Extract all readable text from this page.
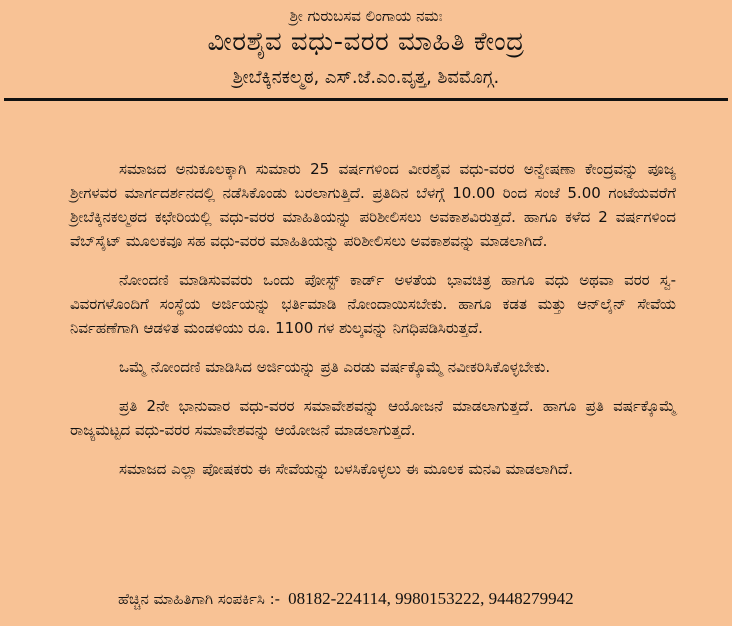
ಶ್ರೀ ಗುರುಬಸವ ಲಿಂಗಾಯ ನಮಃ
ವೀರಶೈವ ವಧು-ವರರ ಮಾಹಿತಿ ಕೇಂದ್ರ
ಶ್ರೀಬೆಕ್ಕಿನಕಲ್ಮಠ, ಎಸ್.ಜೆ.ಎಂ.ವೃತ್ತ, ಶಿವಮೊಗ್ಗ.

ಸಮಾಜದ ಅನುಕೂಲಕ್ಕಾಗಿ ಸುಮಾರು 25 ವರ್ಷಗಳಿಂದ ವೀರಶೈವ ವಧು-ವರರ ಅನ್ವೇಷಣಾ ಕೇಂದ್ರವನ್ನು ಪೂಜ್ಯ ಶ್ರೀಗಳವರ ಮಾರ್ಗದರ್ಶನದಲ್ಲಿ ನಡೆಸಿಕೊಂಡು ಬರಲಾಗುತ್ತಿದೆ. ಪ್ರತಿದಿನ ಬೆಳಗ್ಗೆ 10.00 ರಿಂದ ಸಂಜೆ 5.00 ಗಂಟೆಯವರೆಗೆ ಶ್ರೀಬೆಕ್ಕಿನಕಲ್ಮಠದ ಕಛೇರಿಯಲ್ಲಿ ವಧು-ವರರ ಮಾಹಿತಿಯನ್ನು ಪರಿಶೀಲಿಸಲು ಅವಕಾಶವಿರುತ್ತದೆ. ಹಾಗೂ ಕಳೆದ 2 ವರ್ಷಗಳಿಂದ ವೆಬ್‌ಸೈಟ್ ಮೂಲಕವೂ ಸಹ ವಧು-ವರರ ಮಾಹಿತಿಯನ್ನು ಪರಿಶೀಲಿಸಲು ಅವಕಾಶವನ್ನು ಮಾಡಲಾಗಿದೆ.

ನೋಂದಣಿ ಮಾಡಿಸುವವರು ಒಂದು ಪೋಸ್ಟ್ ಕಾರ್ಡ್ ಅಳತೆಯ ಭಾವಚಿತ್ರ ಹಾಗೂ ವಧು ಅಥವಾ ವರರ ಸ್ವ-ವಿವರಗಳೊಂದಿಗೆ ಸಂಸ್ಥೆಯ ಅರ್ಜಿಯನ್ನು ಭರ್ತಿಮಾಡಿ ನೋಂದಾಯಿಸಬೇಕು. ಹಾಗೂ ಕಡತ ಮತ್ತು ಆನ್‌ಲೈನ್ ಸೇವೆಯ ನಿರ್ವಹಣೆಗಾಗಿ ಆಡಳಿತ ಮಂಡಳಿಯು ರೂ. 1100 ಗಳ ಶುಲ್ಕವನ್ನು ನಿಗಧಿಪಡಿಸಿರುತ್ತದೆ.

ಒಮ್ಮೆ ನೋಂದಣಿ ಮಾಡಿಸಿದ ಅರ್ಜಿಯನ್ನು ಪ್ರತಿ ಎರಡು ವರ್ಷಕ್ಕೊಮ್ಮೆ ನವೀಕರಿಸಿಕೊಳ್ಳಬೇಕು.

ಪ್ರತಿ 2ನೇ ಭಾನುವಾರ ವಧು-ವರರ ಸಮಾವೇಶವನ್ನು ಆಯೋಜನೆ ಮಾಡಲಾಗುತ್ತದೆ. ಹಾಗೂ ಪ್ರತಿ ವರ್ಷಕ್ಕೊಮ್ಮೆ ರಾಜ್ಯಮಟ್ಟದ ವಧು-ವರರ ಸಮಾವೇಶವನ್ನು ಆಯೋಜನೆ ಮಾಡಲಾಗುತ್ತದೆ.

ಸಮಾಜದ ಎಲ್ಲಾ ಪೋಷಕರು ಈ ಸೇವೆಯನ್ನು ಬಳಸಿಕೊಳ್ಳಲು ಈ ಮೂಲಕ ಮನವಿ ಮಾಡಲಾಗಿದೆ.

ಹೆಚ್ಚಿನ ಮಾಹಿತಿಗಾಗಿ ಸಂಪರ್ಕಿಸಿ :- 08182-224114, 9980153222, 9448279942
